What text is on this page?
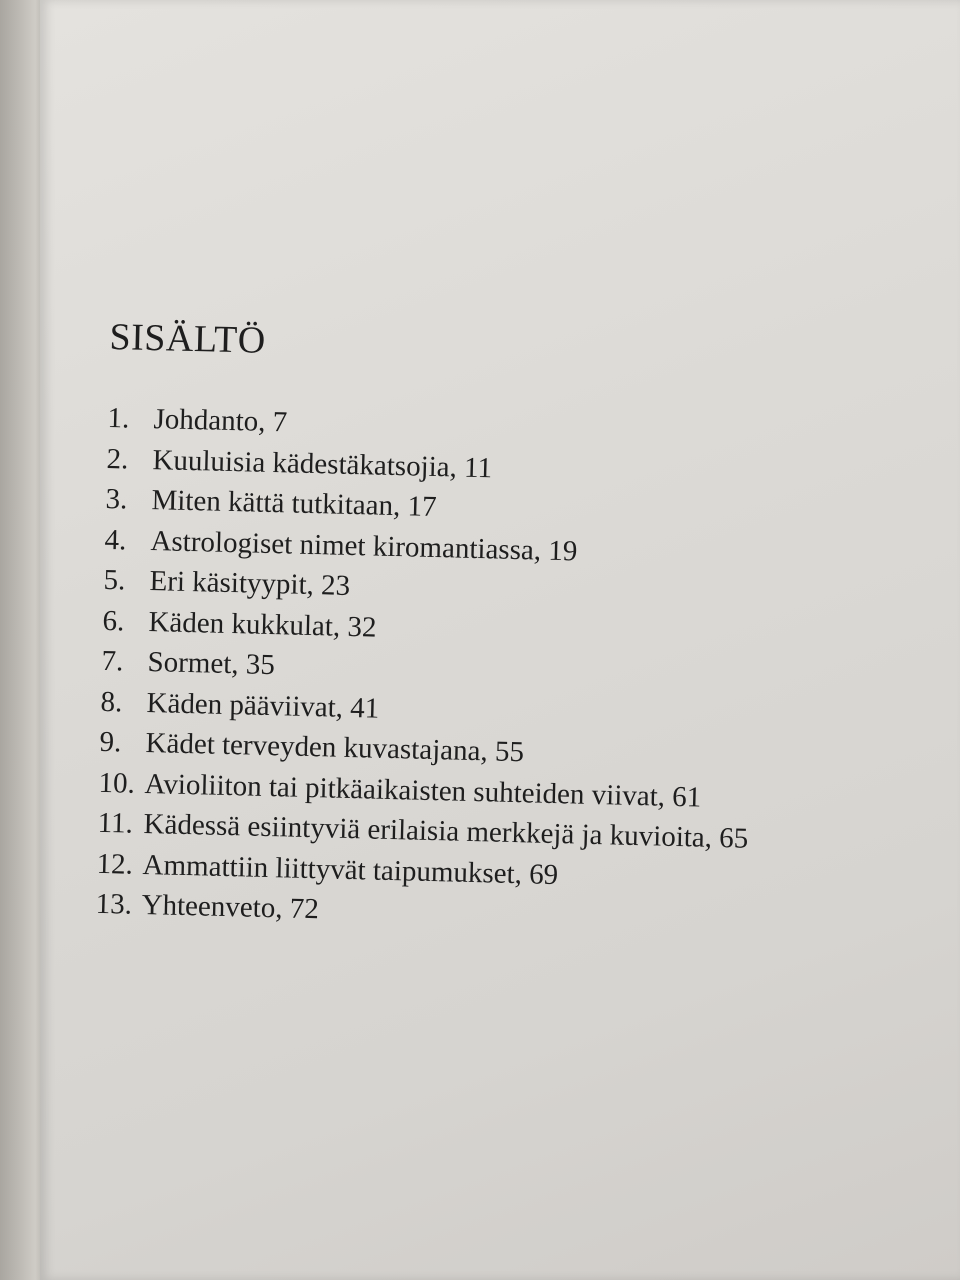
SISÄLTÖ
1. Johdanto, 7
2. Kuuluisia kädestäkatsojia, 11
3. Miten kättä tutkitaan, 17
4. Astrologiset nimet kiromantiassa, 19
5. Eri käsityypit, 23
6. Käden kukkulat, 32
7. Sormet, 35
8. Käden pääviivat, 41
9. Kädet terveyden kuvastajana, 55
10. Avioliiton tai pitkäaikaisten suhteiden viivat, 61
11. Kädessä esiintyviä erilaisia merkkejä ja kuvioita, 65
12. Ammattiin liittyvät taipumukset, 69
13. Yhteenveto, 72
